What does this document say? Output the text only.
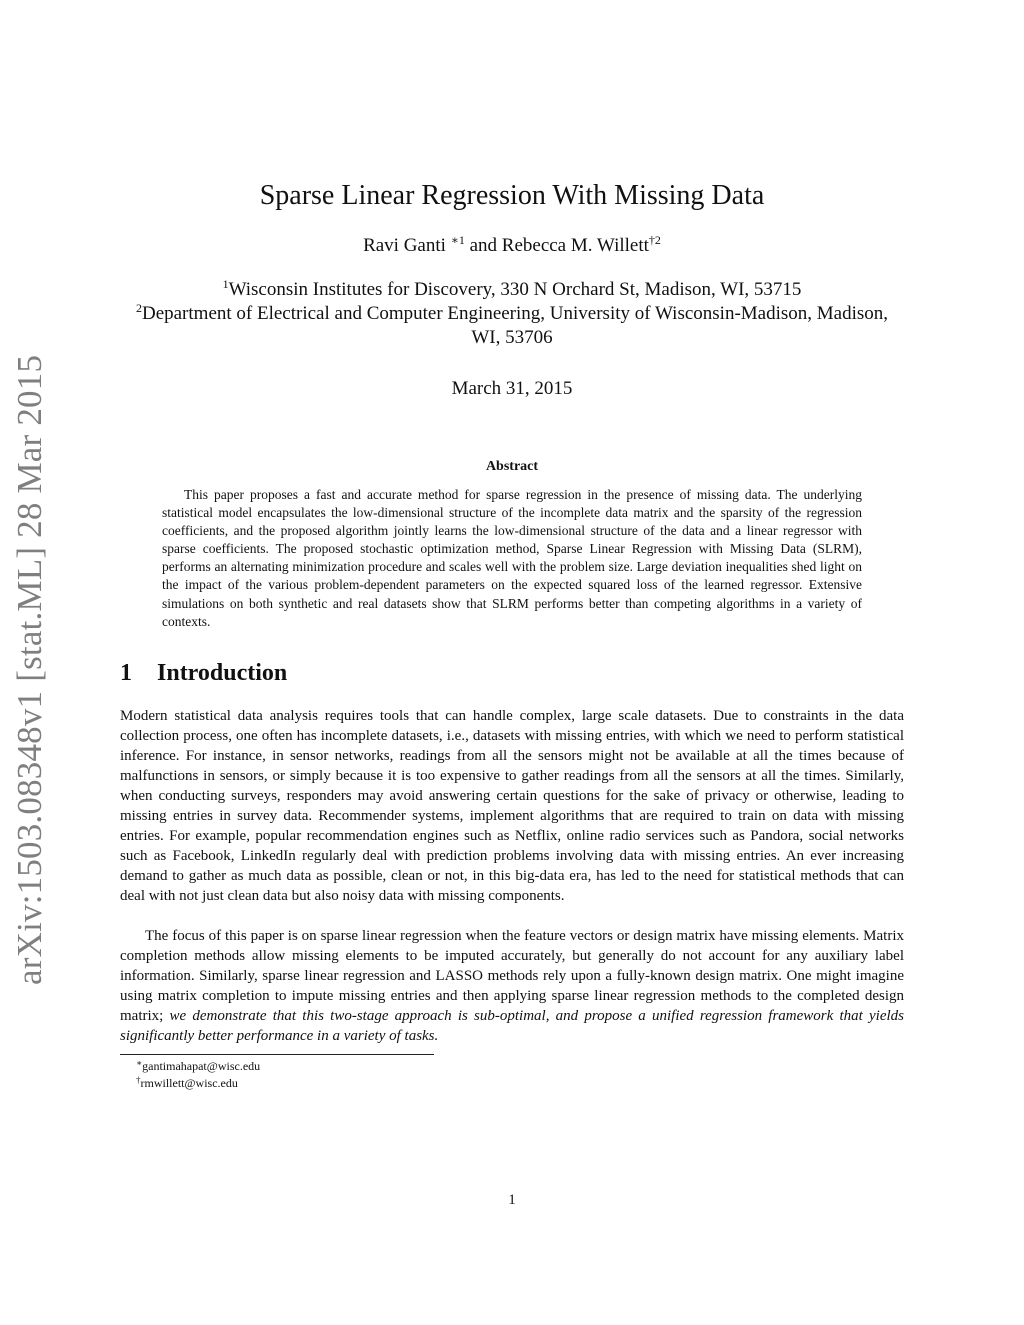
arXiv:1503.08348v1 [stat.ML] 28 Mar 2015
Sparse Linear Regression With Missing Data
Ravi Ganti $^{∗1}$ and Rebecca M. Willett$^{\dagger 2}$
$^1$Wisconsin Institutes for Discovery, 330 N Orchard St, Madison, WI, 53715
$^2$Department of Electrical and Computer Engineering, University of Wisconsin-Madison, Madison, WI, 53706
March 31, 2015
Abstract
This paper proposes a fast and accurate method for sparse regression in the presence of missing data. The underlying statistical model encapsulates the low-dimensional structure of the incomplete data matrix and the sparsity of the regression coefficients, and the proposed algorithm jointly learns the low-dimensional structure of the data and a linear regressor with sparse coefficients. The proposed stochastic optimization method, Sparse Linear Regression with Missing Data (SLRM), performs an alternating minimization procedure and scales well with the problem size. Large deviation inequalities shed light on the impact of the various problem-dependent parameters on the expected squared loss of the learned regressor. Extensive simulations on both synthetic and real datasets show that SLRM performs better than competing algorithms in a variety of contexts.
1 Introduction

Modern statistical data analysis requires tools that can handle complex, large scale datasets. Due to constraints in the data collection process, one often has incomplete datasets, i.e., datasets with missing entries, with which we need to perform statistical inference. For instance, in sensor networks, readings from all the sensors might not be available at all the times because of malfunctions in sensors, or simply because it is too expensive to gather readings from all the sensors at all the times. Similarly, when conducting surveys, responders may avoid answering certain questions for the sake of privacy or otherwise, leading to missing entries in survey data. Recommender systems, implement algorithms that are required to train on data with missing entries. For example, popular recommendation engines such as Netflix, online radio services such as Pandora, social networks such as Facebook, LinkedIn regularly deal with prediction problems involving data with missing entries. An ever increasing demand to gather as much data as possible, clean or not, in this big-data era, has led to the need for statistical methods that can deal with not just clean data but also noisy data with missing components.

The focus of this paper is on sparse linear regression when the feature vectors or design matrix have missing elements. Matrix completion methods allow missing elements to be imputed accurately, but generally do not account for any auxiliary label information. Similarly, sparse linear regression and LASSO methods rely upon a fully-known design matrix. One might imagine using matrix completion to impute missing entries and then applying sparse linear regression methods to the completed design matrix; we demonstrate that this two-stage approach is sub-optimal, and propose a unified regression framework that yields significantly better performance in a variety of tasks.

∗gantimahapat@wisc.edu
†rmwillett@wisc.edu
1
